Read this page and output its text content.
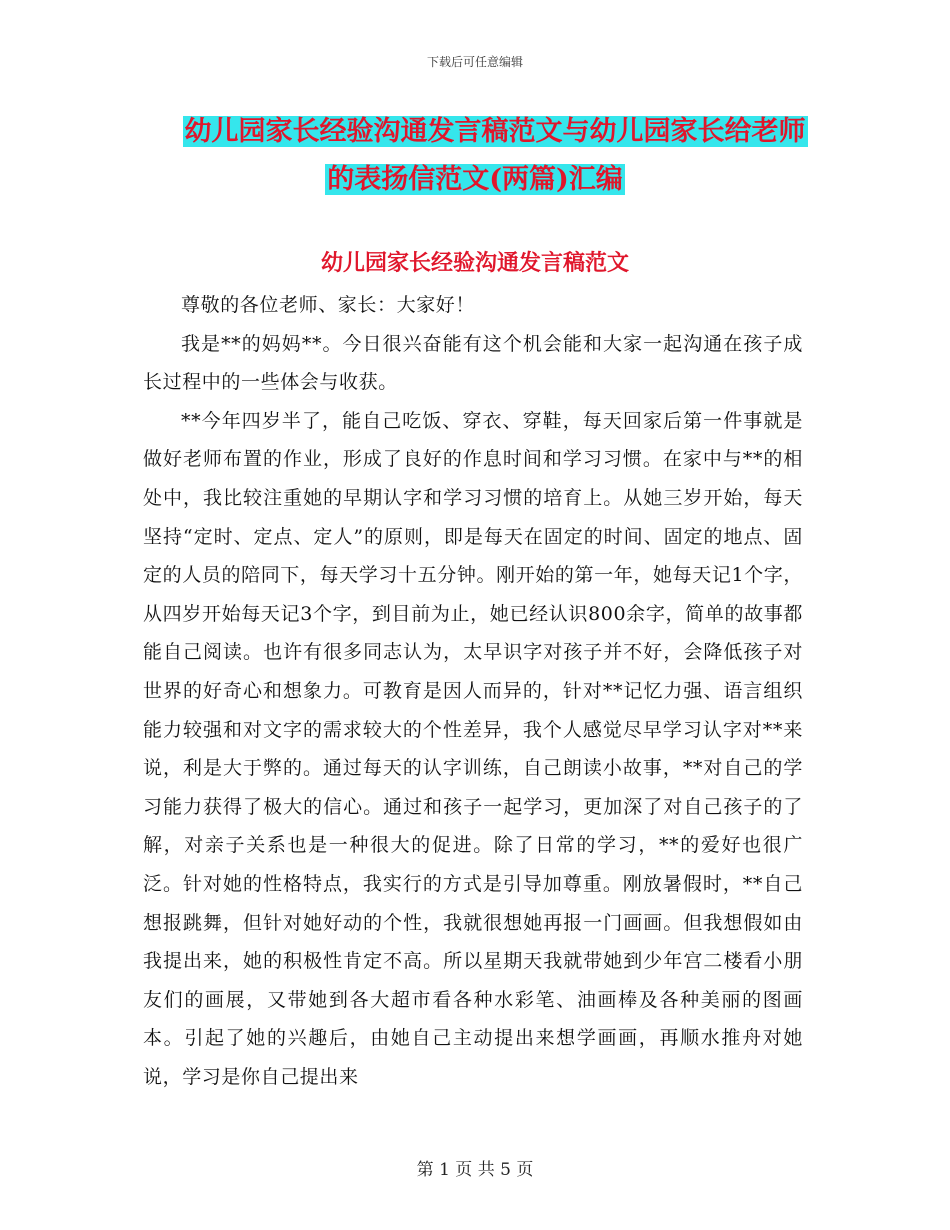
下载后可任意编辑
幼儿园家长经验沟通发言稿范文与幼儿园家长给老师
的表扬信范文(两篇)汇编
幼儿园家长经验沟通发言稿范文

尊敬的各位老师、家长：大家好！

我是**的妈妈**。今日很兴奋能有这个机会能和大家一起沟通在孩子成长过程中的一些体会与收获。

**今年四岁半了，能自己吃饭、穿衣、穿鞋，每天回家后第一件事就是做好老师布置的作业，形成了良好的作息时间和学习习惯。在家中与**的相处中，我比较注重她的早期认字和学习习惯的培育上。从她三岁开始，每天坚持“定时、定点、定人”的原则，即是每天在固定的时间、固定的地点、固定的人员的陪同下，每天学习十五分钟。刚开始的第一年，她每天记1个字，从四岁开始每天记3个字，到目前为止，她已经认识800余字，简单的故事都能自己阅读。也许有很多同志认为，太早识字对孩子并不好，会降低孩子对世界的好奇心和想象力。可教育是因人而异的，针对**记忆力强、语言组织能力较强和对文字的需求较大的个性差异，我个人感觉尽早学习认字对**来说，利是大于弊的。通过每天的认字训练，自己朗读小故事，**对自己的学习能力获得了极大的信心。通过和孩子一起学习，更加深了对自己孩子的了解，对亲子关系也是一种很大的促进。除了日常的学习，**的爱好也很广泛。针对她的性格特点，我实行的方式是引导加尊重。刚放暑假时，**自己想报跳舞，但针对她好动的个性，我就很想她再报一门画画。但我想假如由我提出来，她的积极性肯定不高。所以星期天我就带她到少年宫二楼看小朋友们的画展，又带她到各大超市看各种水彩笔、油画棒及各种美丽的图画本。引起了她的兴趣后，由她自己主动提出来想学画画，再顺水推舟对她说，学习是你自己提出来

第 1 页 共 5 页
